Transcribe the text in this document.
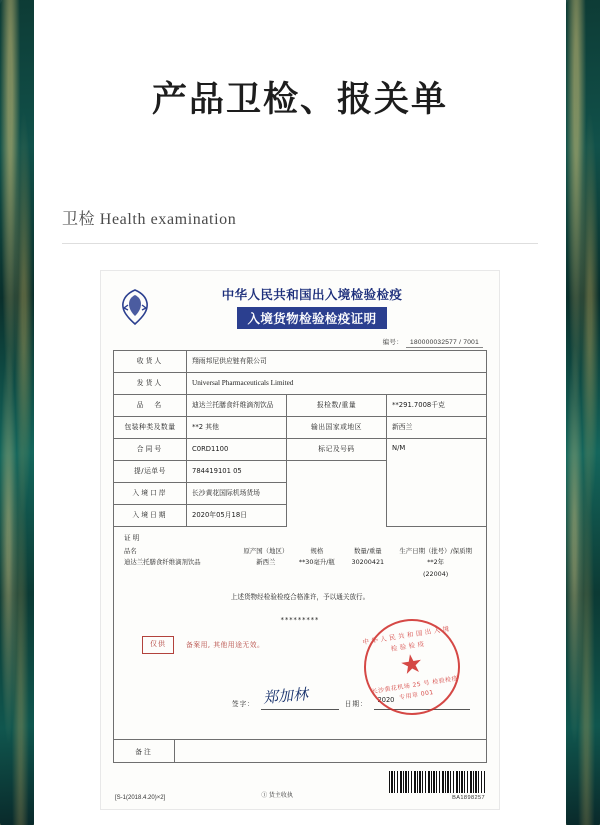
产品卫检、报关单
卫检 Health examination
中华人民共和国出入境检验检疫
入境货物检验检疫证明
编号： 180000032577 / 7001
收货人	翔雨邦尼供应链有限公司		
发货人	Universal Pharmaceuticals Limited		
品　名	迪达兰托膳食纤维滴剂饮品	报检数/重量	**291.7008千克
包装种类及数量	**2 其他	输出国家或地区	新西兰
合同号	C0RD1100	标记及号码	N/M
提/运单号	784419101 05		
入境口岸	长沙黄花国际机场货场		
入境日期	2020年05月18日		
证明
品名	原产国（地区）	规格	数量/重量	生产日期（批号）/保质期
迪达兰托膳食纤维滴剂饮品	新西兰	**30毫升/瓶	30200421	**2年
				(22004)
上述货物经检验检疫合格准许，予以通关放行。
*********
仅供	备案用, 其他用途无效。
签字： 郑加林	日期：	2020
中华人民共和国出入境检验检疫
★
长沙黄花机场 25 号 检验检疫专用章 001
备注
[S-1(2018.4.20)×2]	① 货主收执	BA1898257
